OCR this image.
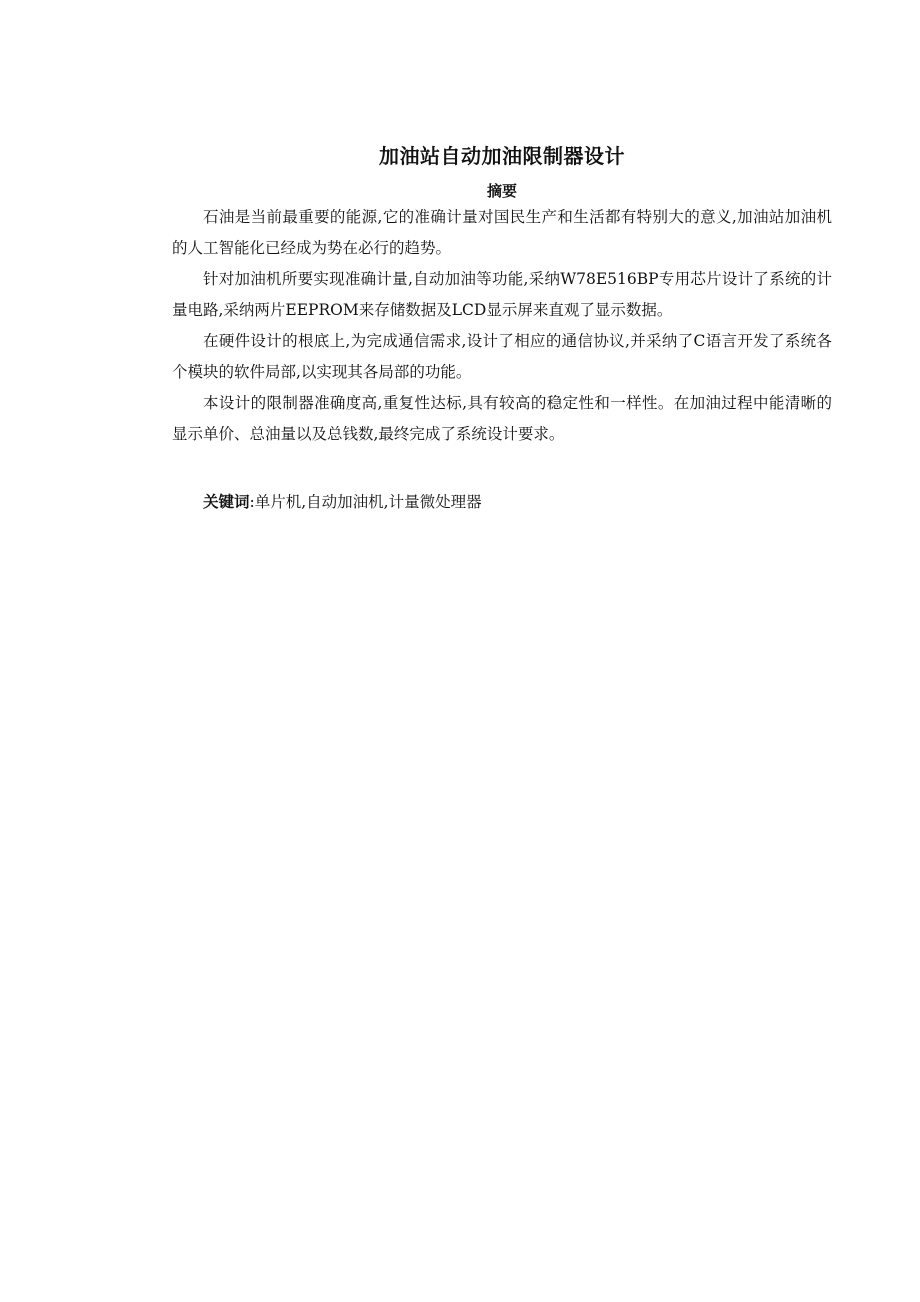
加油站自动加油限制器设计
摘要

石油是当前最重要的能源,它的准确计量对国民生产和生活都有特别大的意义,加油站加油机的人工智能化已经成为势在必行的趋势。

针对加油机所要实现准确计量,自动加油等功能,采纳W78E516BP专用芯片设计了系统的计量电路,采纳两片EEPROM来存储数据及LCD显示屏来直观了显示数据。

在硬件设计的根底上,为完成通信需求,设计了相应的通信协议,并采纳了C语言开发了系统各个模块的软件局部,以实现其各局部的功能。

本设计的限制器准确度高,重复性达标,具有较高的稳定性和一样性。在加油过程中能清晰的显示单价、总油量以及总钱数,最终完成了系统设计要求。

关键词:单片机,自动加油机,计量微处理器
